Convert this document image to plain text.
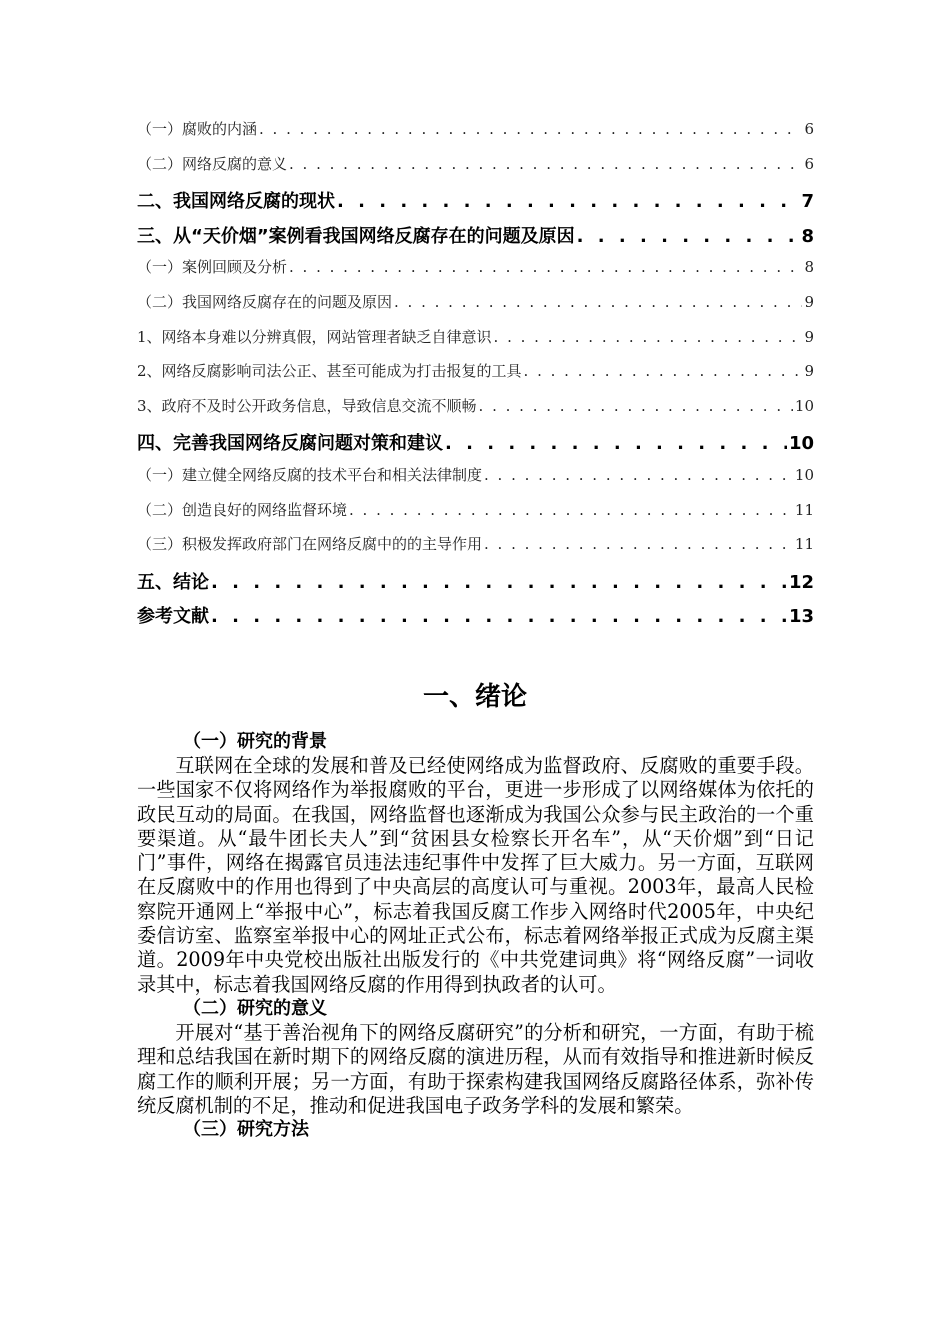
（一）腐败的内涵 . . .	6
（二）网络反腐的意义 . . .	6
二、我国网络反腐的现状 . . .	7
三、从“天价烟”案例看我国网络反腐存在的问题及原因 . . .	8
（一）案例回顾及分析 . . .	8
（二）我国网络反腐存在的问题及原因 . . .	9
1、网络本身难以分辨真假，网站管理者缺乏自律意识 . . .	9
2、网络反腐影响司法公正、甚至可能成为打击报复的工具 . . .	9
3、政府不及时公开政务信息，导致信息交流不顺畅 . . .	10
四、完善我国网络反腐问题对策和建议 . . .	10
（一）建立健全网络反腐的技术平台和相关法律制度 . . .	10
（二）创造良好的网络监督环境 . . .	11
（三）积极发挥政府部门在网络反腐中的的主导作用 . . .	11
五、结论 . . .	12
参考文献 . . .	13
一、绪论
（一）研究的背景

互联网在全球的发展和普及已经使网络成为监督政府、反腐败的重要手段。一些国家不仅将网络作为举报腐败的平台，更进一步形成了以网络媒体为依托的政民互动的局面。在我国，网络监督也逐渐成为我国公众参与民主政治的一个重要渠道。从“最牛团长夫人”到“贫困县女检察长开名车”，从“天价烟”到“日记门”事件，网络在揭露官员违法违纪事件中发挥了巨大威力。另一方面，互联网在反腐败中的作用也得到了中央高层的高度认可与重视。2003年，最高人民检察院开通网上“举报中心”，标志着我国反腐工作步入网络时代2005年，中央纪委信访室、监察室举报中心的网址正式公布，标志着网络举报正式成为反腐主渠道。2009年中央党校出版社出版发行的《中共党建词典》将“网络反腐”一词收录其中，标志着我国网络反腐的作用得到执政者的认可。

（二）研究的意义

开展对“基于善治视角下的网络反腐研究”的分析和研究，一方面，有助于梳理和总结我国在新时期下的网络反腐的演进历程，从而有效指导和推进新时候反腐工作的顺利开展；另一方面，有助于探索构建我国网络反腐路径体系，弥补传统反腐机制的不足，推动和促进我国电子政务学科的发展和繁荣。

（三）研究方法
